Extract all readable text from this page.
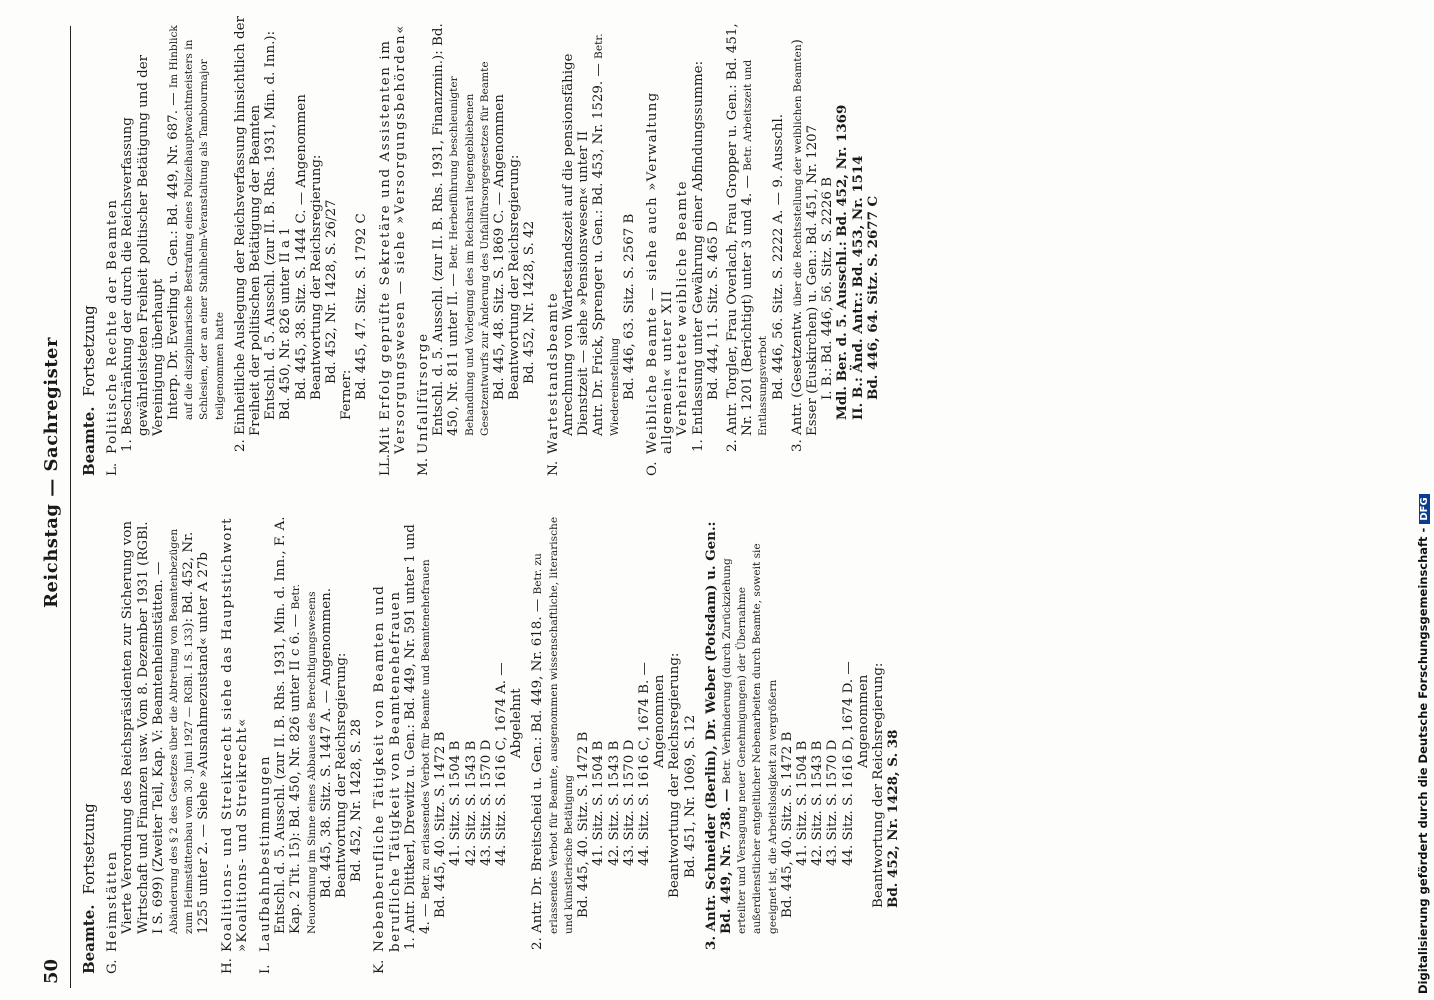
50
Reichstag — Sachregister
Beamte.Fortsetzung
G.Heimstätten Vierte Verordnung des Reichspräsidenten zur Sicherung von Wirtschaft und Finanzen usw. Vom 8. Dezember 1931 (RGBl. I S. 699) (Zweiter Teil, Kap. V: Beamtenheimstätten. — Abänderung des § 2 des Gesetzes über die Abtretung von Beamtenbezügen zum Heimstättenbau vom 30. Juni 1927 — RGBl. I S. 133): Bd. 452, Nr. 1255 unter 2. — Siehe »Ausnahmezustand« unter A 27b
H.Koalitions- und Streikrecht siehe das Hauptstichwort »Koalitions- und Streikrecht«
I.Laufbahnbestimmungen Entschl. d. 5. Ausschl. (zur II. B. Rhs. 1931, Min. d. Inn., F. A. Kap. 2 Tit. 15): Bd. 450, Nr. 826 unter II c 6. — Betr. Neuordnung im Sinne eines Abbaues des Berechtigungswesens Bd. 445, 38. Sitz. S. 1447 A. — Angenommen. Beantwortung der Reichsregierung: Bd. 452, Nr. 1428, S. 28
K.Nebenberufliche Tätigkeit von Beamten und berufliche Tätigkeit von Beamtenehefrauen 1. Antr. Dittkerl, Drewitz u. Gen.: Bd. 449, Nr. 591 unter 1 und 4. — Betr. zu erlassendes Verbot für Beamte und Beamtenehefrauen Bd. 445, 40. Sitz. S. 1472 B 41. Sitz. S. 1504 B 42. Sitz. S. 1543 B 43. Sitz. S. 1570 D 44. Sitz. S. 1616 C, 1674 A. — Abgelehnt
2. Antr. Dr. Breitscheid u. Gen.: Bd. 449, Nr. 618. — Betr. zu erlassendes Verbot für Beamte, ausgenommen wissenschaftliche, literarische und künstlerische Betätigung Bd. 445, 40. Sitz. S. 1472 B 41. Sitz. S. 1504 B 42. Sitz. S. 1543 B 43. Sitz. S. 1570 D 44. Sitz. S. 1616 C, 1674 B. — Angenommen Beantwortung der Reichsregierung: Bd. 451, Nr. 1069, S. 12
3. Antr. Schneider (Berlin), Dr. Weber (Potsdam) u. Gen.: Bd. 449, Nr. 738. — Betr. Verhinderung (durch Zurückziehung erteilter und Versagung neuer Genehmigungen) der Übernahme außerdienstlicher entgeltlicher Nebenarbeiten durch Beamte, soweit sie geeignet ist, die Arbeitslosigkeit zu vergrößern Bd. 445, 40. Sitz. S. 1472 B 41. Sitz. S. 1504 B 42. Sitz. S. 1543 B 43. Sitz. S. 1570 D 44. Sitz. S. 1616 D, 1674 D. — Angenommen Beantwortung der Reichsregierung: Bd. 452, Nr. 1428, S. 38
Beamte.Fortsetzung
L.Politische Rechte der Beamten 1. Beschränkung der durch die Reichsverfassung gewährleisteten Freiheit politischer Betätigung und der Vereinigung überhaupt Interp. Dr. Everling u. Gen.: Bd. 449, Nr. 687. — Im Hinblick auf die disziplinarische Bestrafung eines Polizeihauptwachtmeisters in Schlesien, der an einer Stahlhelm-Veranstaltung als Tambourmajor teilgenommen hatte
2. Einheitliche Auslegung der Reichsverfassung hinsichtlich der Freiheit der politischen Betätigung der Beamten Entschl. d. 5. Ausschl. (zur II. B. Rhs. 1931, Min. d. Inn.): Bd. 450, Nr. 826 unter II a 1 Bd. 445, 38. Sitz. S. 1444 C. — Angenommen Beantwortung der Reichsregierung: Bd. 452, Nr. 1428, S. 26/27
Ferner: Bd. 445, 47. Sitz. S. 1792 C
LL.Mit Erfolg geprüfte Sekretäre und Assistenten im Versorgungswesen — siehe »Versorgungsbehörden«
M.Unfallfürsorge Entschl. d. 5. Ausschl. (zur II. B. Rhs. 1931, Finanzmin.): Bd. 450, Nr. 811 unter II. — Betr. Herbeiführung beschleunigter Behandlung und Vorlegung des im Reichsrat liegengebliebenen Gesetzentwurfs zur Änderung des Unfallfürsorgegesetzes für Beamte Bd. 445, 48. Sitz. S. 1869 C. — Angenommen Beantwortung der Reichsregierung: Bd. 452, Nr. 1428, S. 42
N.Wartestandsbeamte Anrechnung von Wartestandszeit auf die pensionsfähige Dienstzeit — siehe »Pensionswesen« unter II Antr. Dr. Frick, Sprenger u. Gen.: Bd. 453, Nr. 1529. — Betr. Wiedereinstellung Bd. 446, 63. Sitz. S. 2567 B
O.Weibliche Beamte — siehe auch »Verwaltung allgemein« unter XII Verheiratete weibliche Beamte
1. Entlassung unter Gewährung einer Abfindungssumme: Bd. 444, 11. Sitz. S. 465 D
2. Antr. Torgler, Frau Overlach, Frau Gropper u. Gen.: Bd. 451, Nr. 1201 (Berichtigt) unter 3 und 4. — Betr. Arbeitszeit und Entlassungsverbot Bd. 446, 56. Sitz. S. 2222 A. — 9. Ausschl.
3. Antr. (Gesetzentw. über die Rechtsstellung der weiblichen Beamten) Esser (Euskirchen) u. Gen.: Bd. 451, Nr. 1207 I. B.: Bd. 446, 56. Sitz. S. 2226 B Mdl. Ber. d. 5. Ausschl.: Bd. 452, Nr. 1369 II. B.: Änd. Antr.: Bd. 453, Nr. 1514 Bd. 446, 64. Sitz. S. 2677 C
Digitalisierung gefördert durch die Deutsche Forschungsgemeinschaft -DFG
